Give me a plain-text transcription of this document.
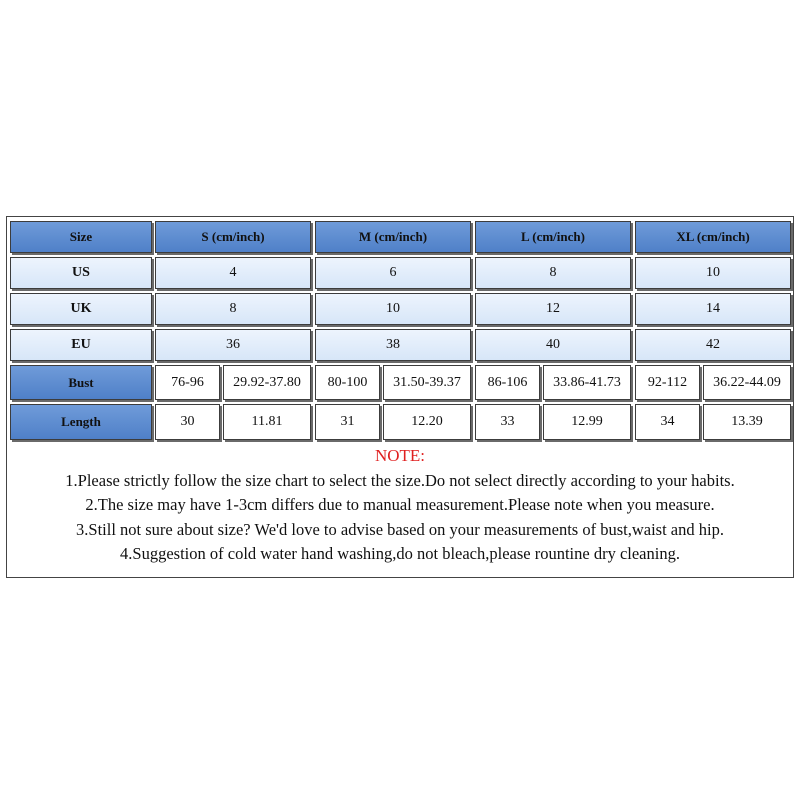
Size	S (cm/inch)	M (cm/inch)	L (cm/inch)	XL (cm/inch)
US	4	6	8	10
UK	8	10	12	14
EU	36	38	40	42
Bust	76-96	29.92-37.80	80-100	31.50-39.37	86-106	33.86-41.73	92-112	36.22-44.09
Length	30	11.81	31	12.20	33	12.99	34	13.39
NOTE:
1.Please strictly follow the size chart to select the size.Do not select directly according to your habits.
2.The size may have 1-3cm differs due to manual measurement.Please note when you measure.
3.Still not sure about size? We'd love to advise based on your measurements of bust,waist and hip.
4.Suggestion of cold water hand washing,do not bleach,please rountine dry cleaning.
